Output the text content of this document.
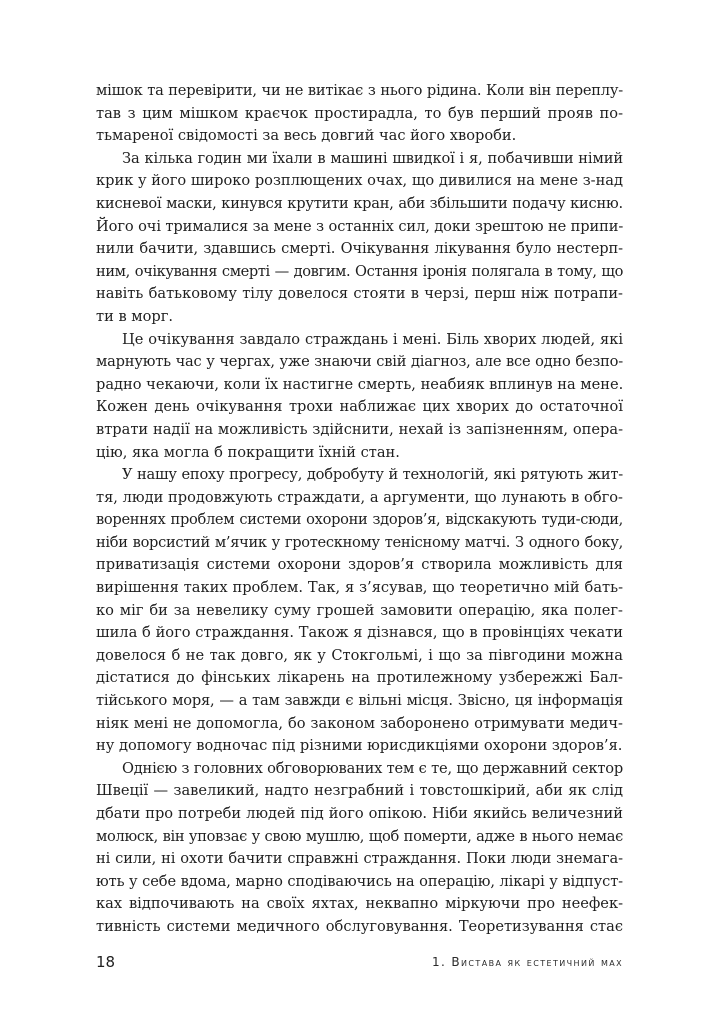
мішок та перевірити, чи не витікає з нього рідина. Коли він переплу-
тав з цим мішком краєчок простирадла, то був перший прояв по-
тьмареної свідомості за весь довгий час його хвороби.
За кілька годин ми їхали в машині швидкої і я, побачивши німий
крик у його широко розплющених очах, що дивилися на мене з-над
кисневої маски, кинувся крутити кран, аби збільшити подачу кисню.
Його очі трималися за мене з останніх сил, доки зрештою не припи-
нили бачити, здавшись смерті. Очікування лікування було нестерп-
ним, очікування смерті — довгим. Остання іронія полягала в тому, що
навіть батьковому тілу довелося стояти в черзі, перш ніж потрапи-
ти в морг.
Це очікування завдало страждань і мені. Біль хворих людей, які
марнують час у чергах, уже знаючи свій діагноз, але все одно безпо-
радно чекаючи, коли їх настигне смерть, неабияк вплинув на мене.
Кожен день очікування трохи наближає цих хворих до остаточної
втрати надії на можливість здійснити, нехай із запізненням, опера-
цію, яка могла б покращити їхній стан.
У нашу епоху прогресу, добробуту й технологій, які рятують жит-
тя, люди продовжують страждати, а аргументи, що лунають в обго-
вореннях проблем системи охорони здоров’я, відскакують туди-сюди,
ніби ворсистий м’ячик у гротескному тенісному матчі. З одного боку,
приватизація системи охорони здоров’я створила можливість для
вирішення таких проблем. Так, я з’ясував, що теоретично мій бать-
ко міг би за невелику суму грошей замовити операцію, яка полег-
шила б його страждання. Також я дізнався, що в провінціях чекати
довелося б не так довго, як у Стокгольмі, і що за півгодини можна
дістатися до фінських лікарень на протилежному узбережжі Бал-
тійського моря, — а там завжди є вільні місця. Звісно, ця інформація
ніяк мені не допомогла, бо законом заборонено отримувати медич-
ну допомогу водночас під різними юрисдикціями охорони здоров’я.
Однією з головних обговорюваних тем є те, що державний сектор
Швеції — завеликий, надто незграбний і товстошкірий, аби як слід
дбати про потреби людей під його опікою. Ніби якийсь величезний
молюск, він уповзає у свою мушлю, щоб померти, адже в нього немає
ні сили, ні охоти бачити справжні страждання. Поки люди знемага-
ють у себе вдома, марно сподіваючись на операцію, лікарі у відпуст-
ках відпочивають на своїх яхтах, неквапно міркуючи про неефек-
тивність системи медичного обслуговування. Теоретизування стає
18	1. Вистава як естетичний мах
